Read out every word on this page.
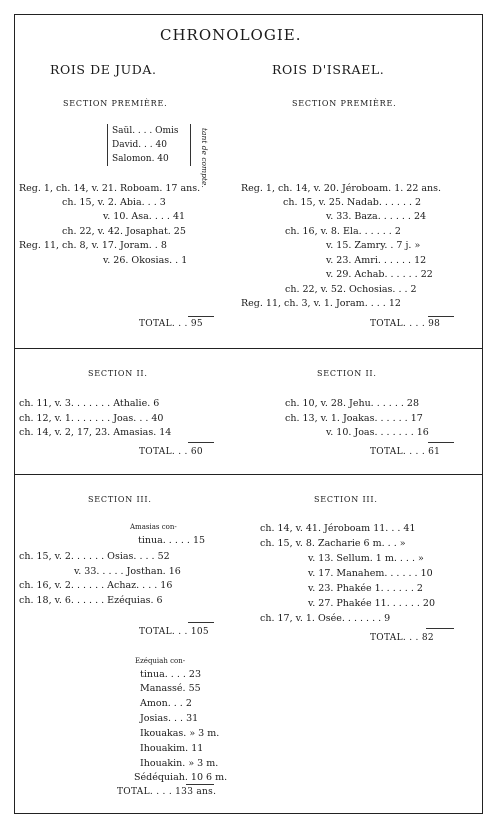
CHRONOLOGIE.
ROIS DE JUDA.	ROIS D'ISRAEL.
SECTION PREMIÈRE.	SECTION PREMIÈRE.
Saül. . . . Omis
David. . . 40
Salomon. 40	tant de compte.
Reg. 1, ch. 14, v. 21. Roboam. 17 ans.
ch. 15, v. 2. Abia. . . 3
v. 10. Asa. . . . 41
ch. 22, v. 42. Josaphat. 25
Reg. 11, ch. 8, v. 17. Joram. . 8
v. 26. Okosias. . 1
TOTAL. . . 95
Reg. 1, ch. 14, v. 20. Jéroboam. 1. 22 ans.
ch. 15, v. 25. Nadab. . . . . . 2
v. 33. Baza. . . . . . 24
ch. 16, v. 8. Ela. . . . . . 2
v. 15. Zamry. . 7 j. »
v. 23. Amri. . . . . . 12
v. 29. Achab. . . . . . 22
ch. 22, v. 52. Ochosias. . . 2
Reg. 11, ch. 3, v. 1. Joram. . . . 12
TOTAL. . . . 98
SECTION II.	SECTION II.
ch. 11, v. 3. . . . . . . Athalie. 6
ch. 12, v. 1. . . . . . . Joas. . . 40
ch. 14, v. 2, 17, 23. Amasias. 14
TOTAL. . . 60
ch. 10, v. 28. Jehu. . . . . . 28
ch. 13, v. 1. Joakas. . . . . . 17
v. 10. Joas. . . . . . . 16
TOTAL. . . . 61
SECTION III.	SECTION III.
Amasias con-
tinua. . . . . 15
ch. 15, v. 2. . . . . . Osias. . . . 52
v. 33. . . . . Josthan. 16
ch. 16, v. 2. . . . . . Achaz. . . . 16
ch. 18, v. 6. . . . . . Ezéquias. 6
TOTAL. . . 105
Ezéquiah con-
tinua. . . . 23
Manassé. 55
Amon. . . 2
Josias. . . 31
Ikouakas. » 3 m.
Ihouakim. 11
Ihouakin. » 3 m.
Sédéquiah. 10 6 m.
TOTAL. . . . 133 ans.
ch. 14, v. 41. Jéroboam 11. . . 41
ch. 15, v. 8. Zacharie 6 m. . . »
v. 13. Sellum. 1 m. . . . »
v. 17. Manahem. . . . . . 10
v. 23. Phakée 1. . . . . . 2
v. 27. Phakée 11. . . . . . 20
ch. 17, v. 1. Osée. . . . . . . 9
TOTAL. . . 82
